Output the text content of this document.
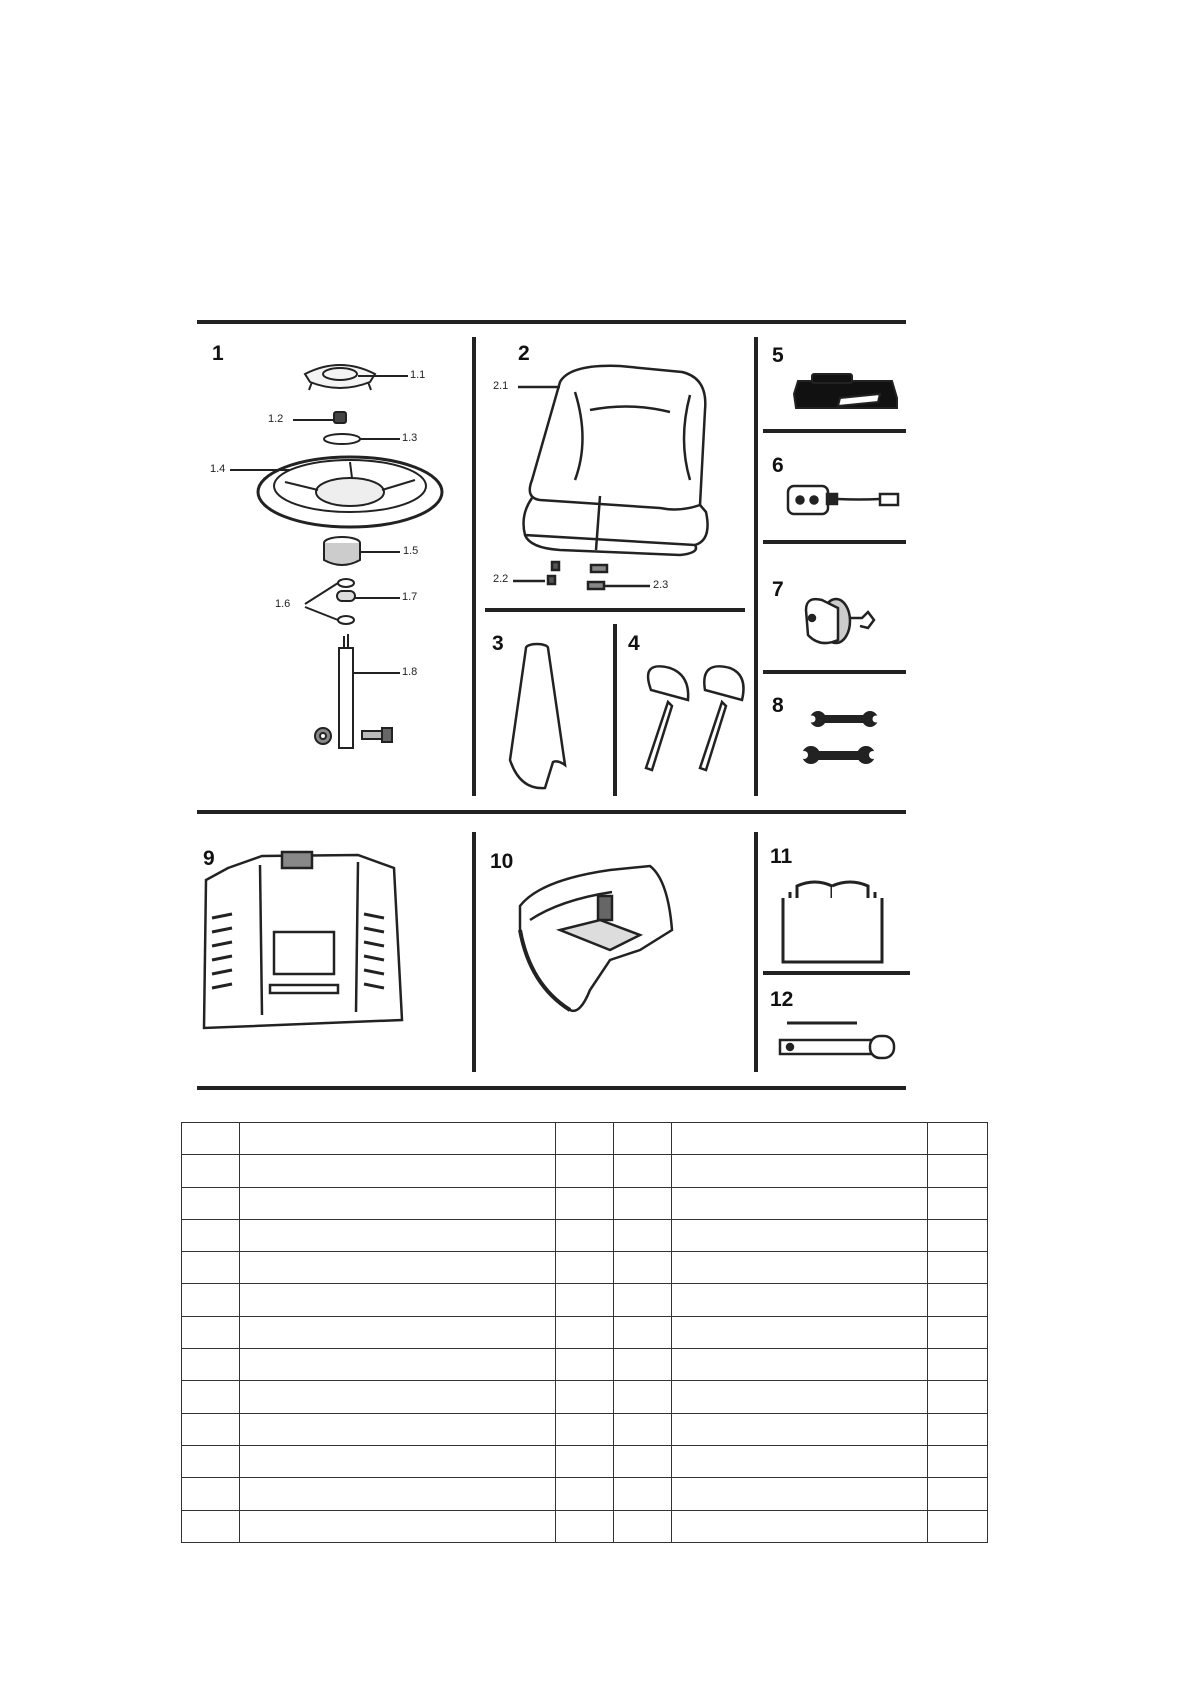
1	2
3	4
5
6
7
8
9	10	11
12
1.1
1.2
1.3
1.4
1.5
1.6
1.7
1.8
2.1
2.2	2.3
